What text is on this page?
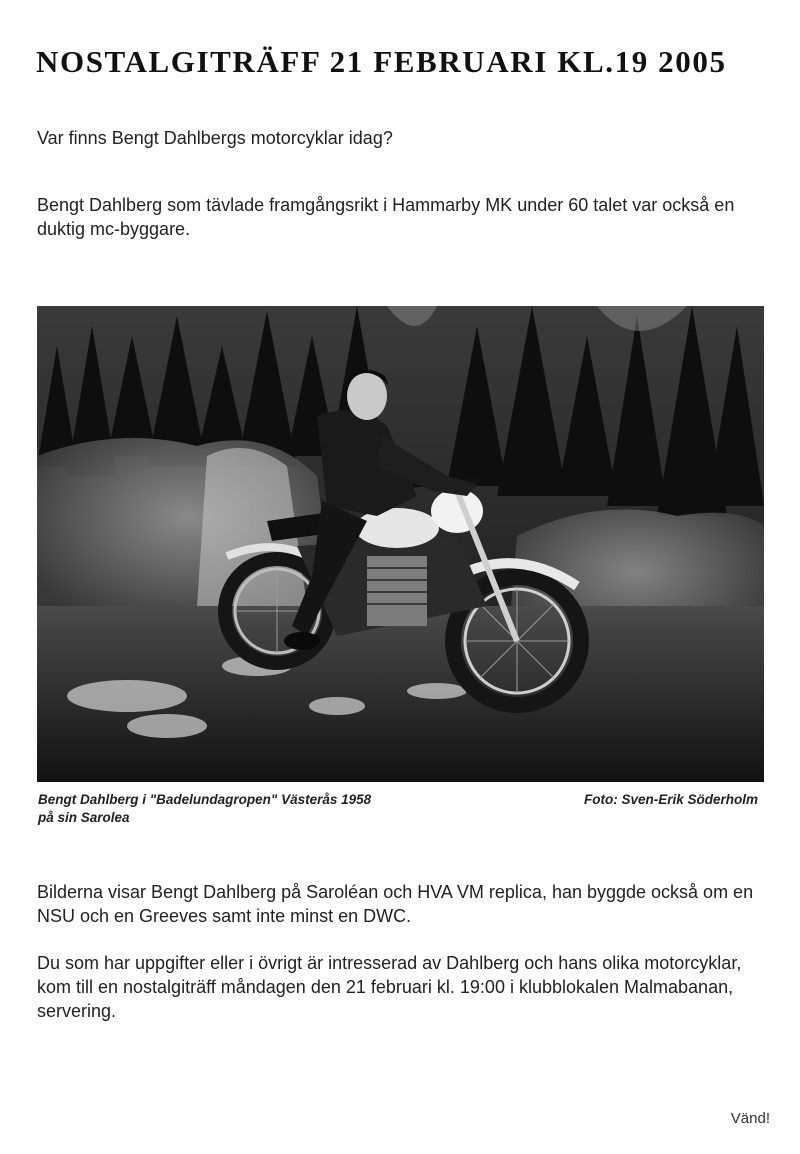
NOSTALGITRÄFF 21 FEBRUARI KL.19 2005

Var finns Bengt Dahlbergs motorcyklar idag?

Bengt Dahlberg som tävlade framgångsrikt i Hammarby MK under 60 talet var också en duktig mc-byggare.

Bengt Dahlberg i "Badelundagropen" Västerås 1958
på sin Sarolea

Foto: Sven-Erik Söderholm

Bilderna visar Bengt Dahlberg på Saroléan och HVA VM replica, han byggde också om en NSU och en Greeves samt inte minst en DWC.

Du som har uppgifter eller i övrigt är intresserad av Dahlberg och hans olika motorcyklar, kom till en nostalgiträff måndagen den 21 februari kl. 19:00 i klubblokalen Malmabanan, servering.

Vänd!
